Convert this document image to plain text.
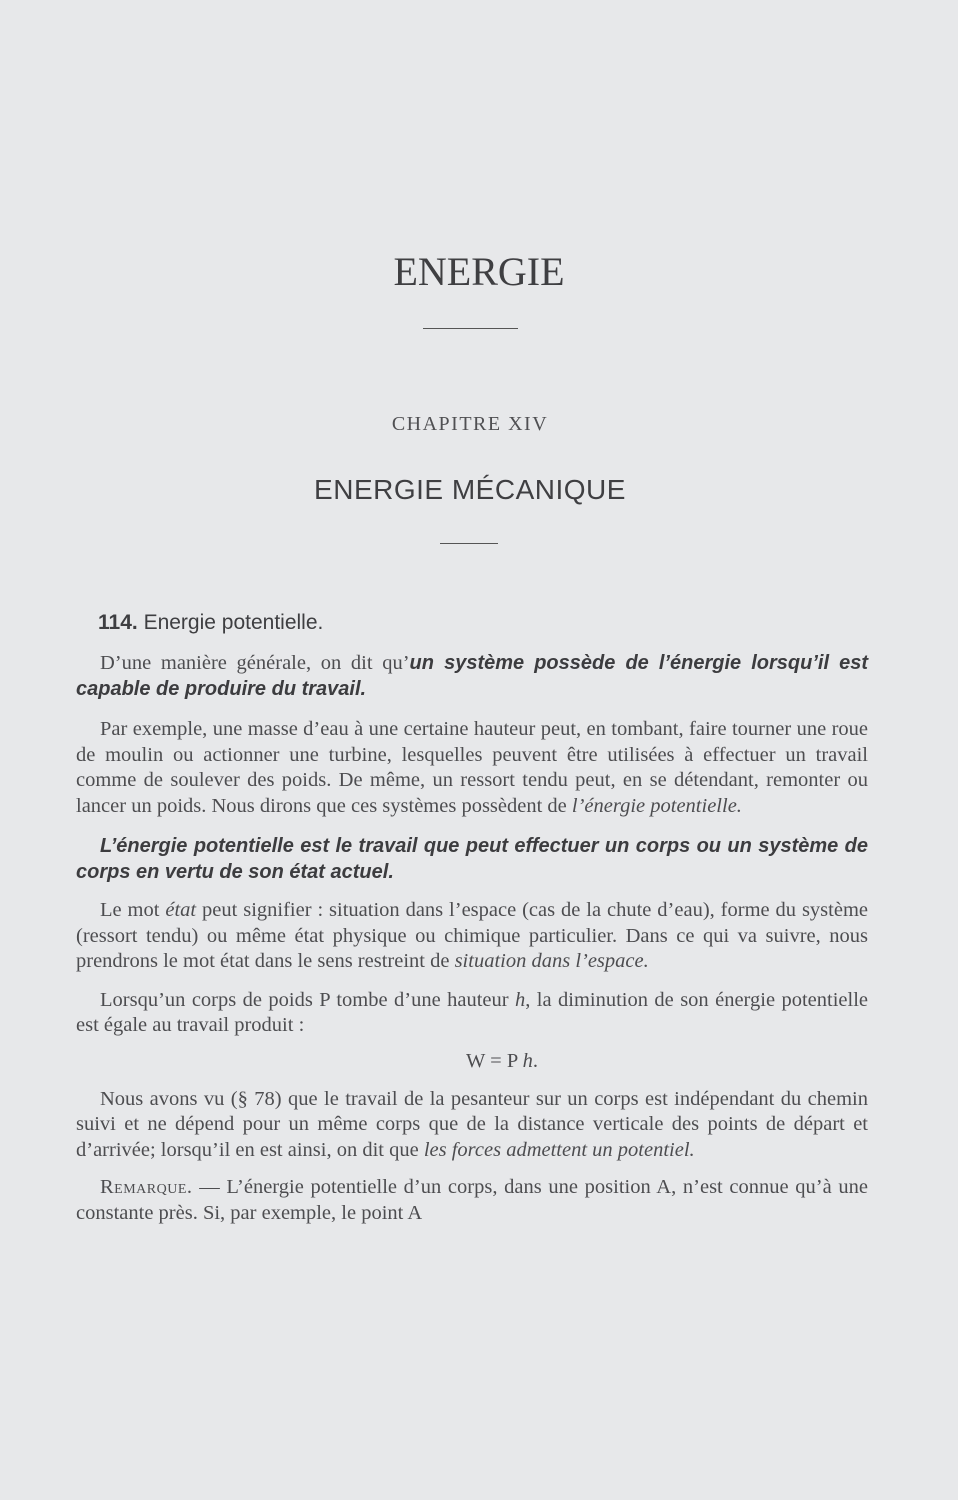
ENERGIE
CHAPITRE XIV
ENERGIE MÉCANIQUE
114. Energie potentielle.

D’une manière générale, on dit qu’un système possède de l’énergie lorsqu’il est capable de produire du travail.

Par exemple, une masse d’eau à une certaine hauteur peut, en tombant, faire tourner une roue de moulin ou actionner une turbine, lesquelles peuvent être utilisées à effectuer un travail comme de soulever des poids. De même, un ressort tendu peut, en se détendant, remonter ou lancer un poids. Nous dirons que ces systèmes possèdent de l’énergie potentielle.

L’énergie potentielle est le travail que peut effectuer un corps ou un système de corps en vertu de son état actuel.

Le mot état peut signifier : situation dans l’espace (cas de la chute d’eau), forme du système (ressort tendu) ou même état physique ou chimique particulier. Dans ce qui va suivre, nous prendrons le mot état dans le sens restreint de situation dans l’espace.

Lorsqu’un corps de poids P tombe d’une hauteur h, la diminution de son énergie potentielle est égale au travail produit :

W = P h.

Nous avons vu (§ 78) que le travail de la pesanteur sur un corps est indépendant du chemin suivi et ne dépend pour un même corps que de la distance verticale des points de départ et d’arrivée; lorsqu’il en est ainsi, on dit que les forces admettent un potentiel.

Remarque. — L’énergie potentielle d’un corps, dans une position A, n’est connue qu’à une constante près. Si, par exemple, le point A
